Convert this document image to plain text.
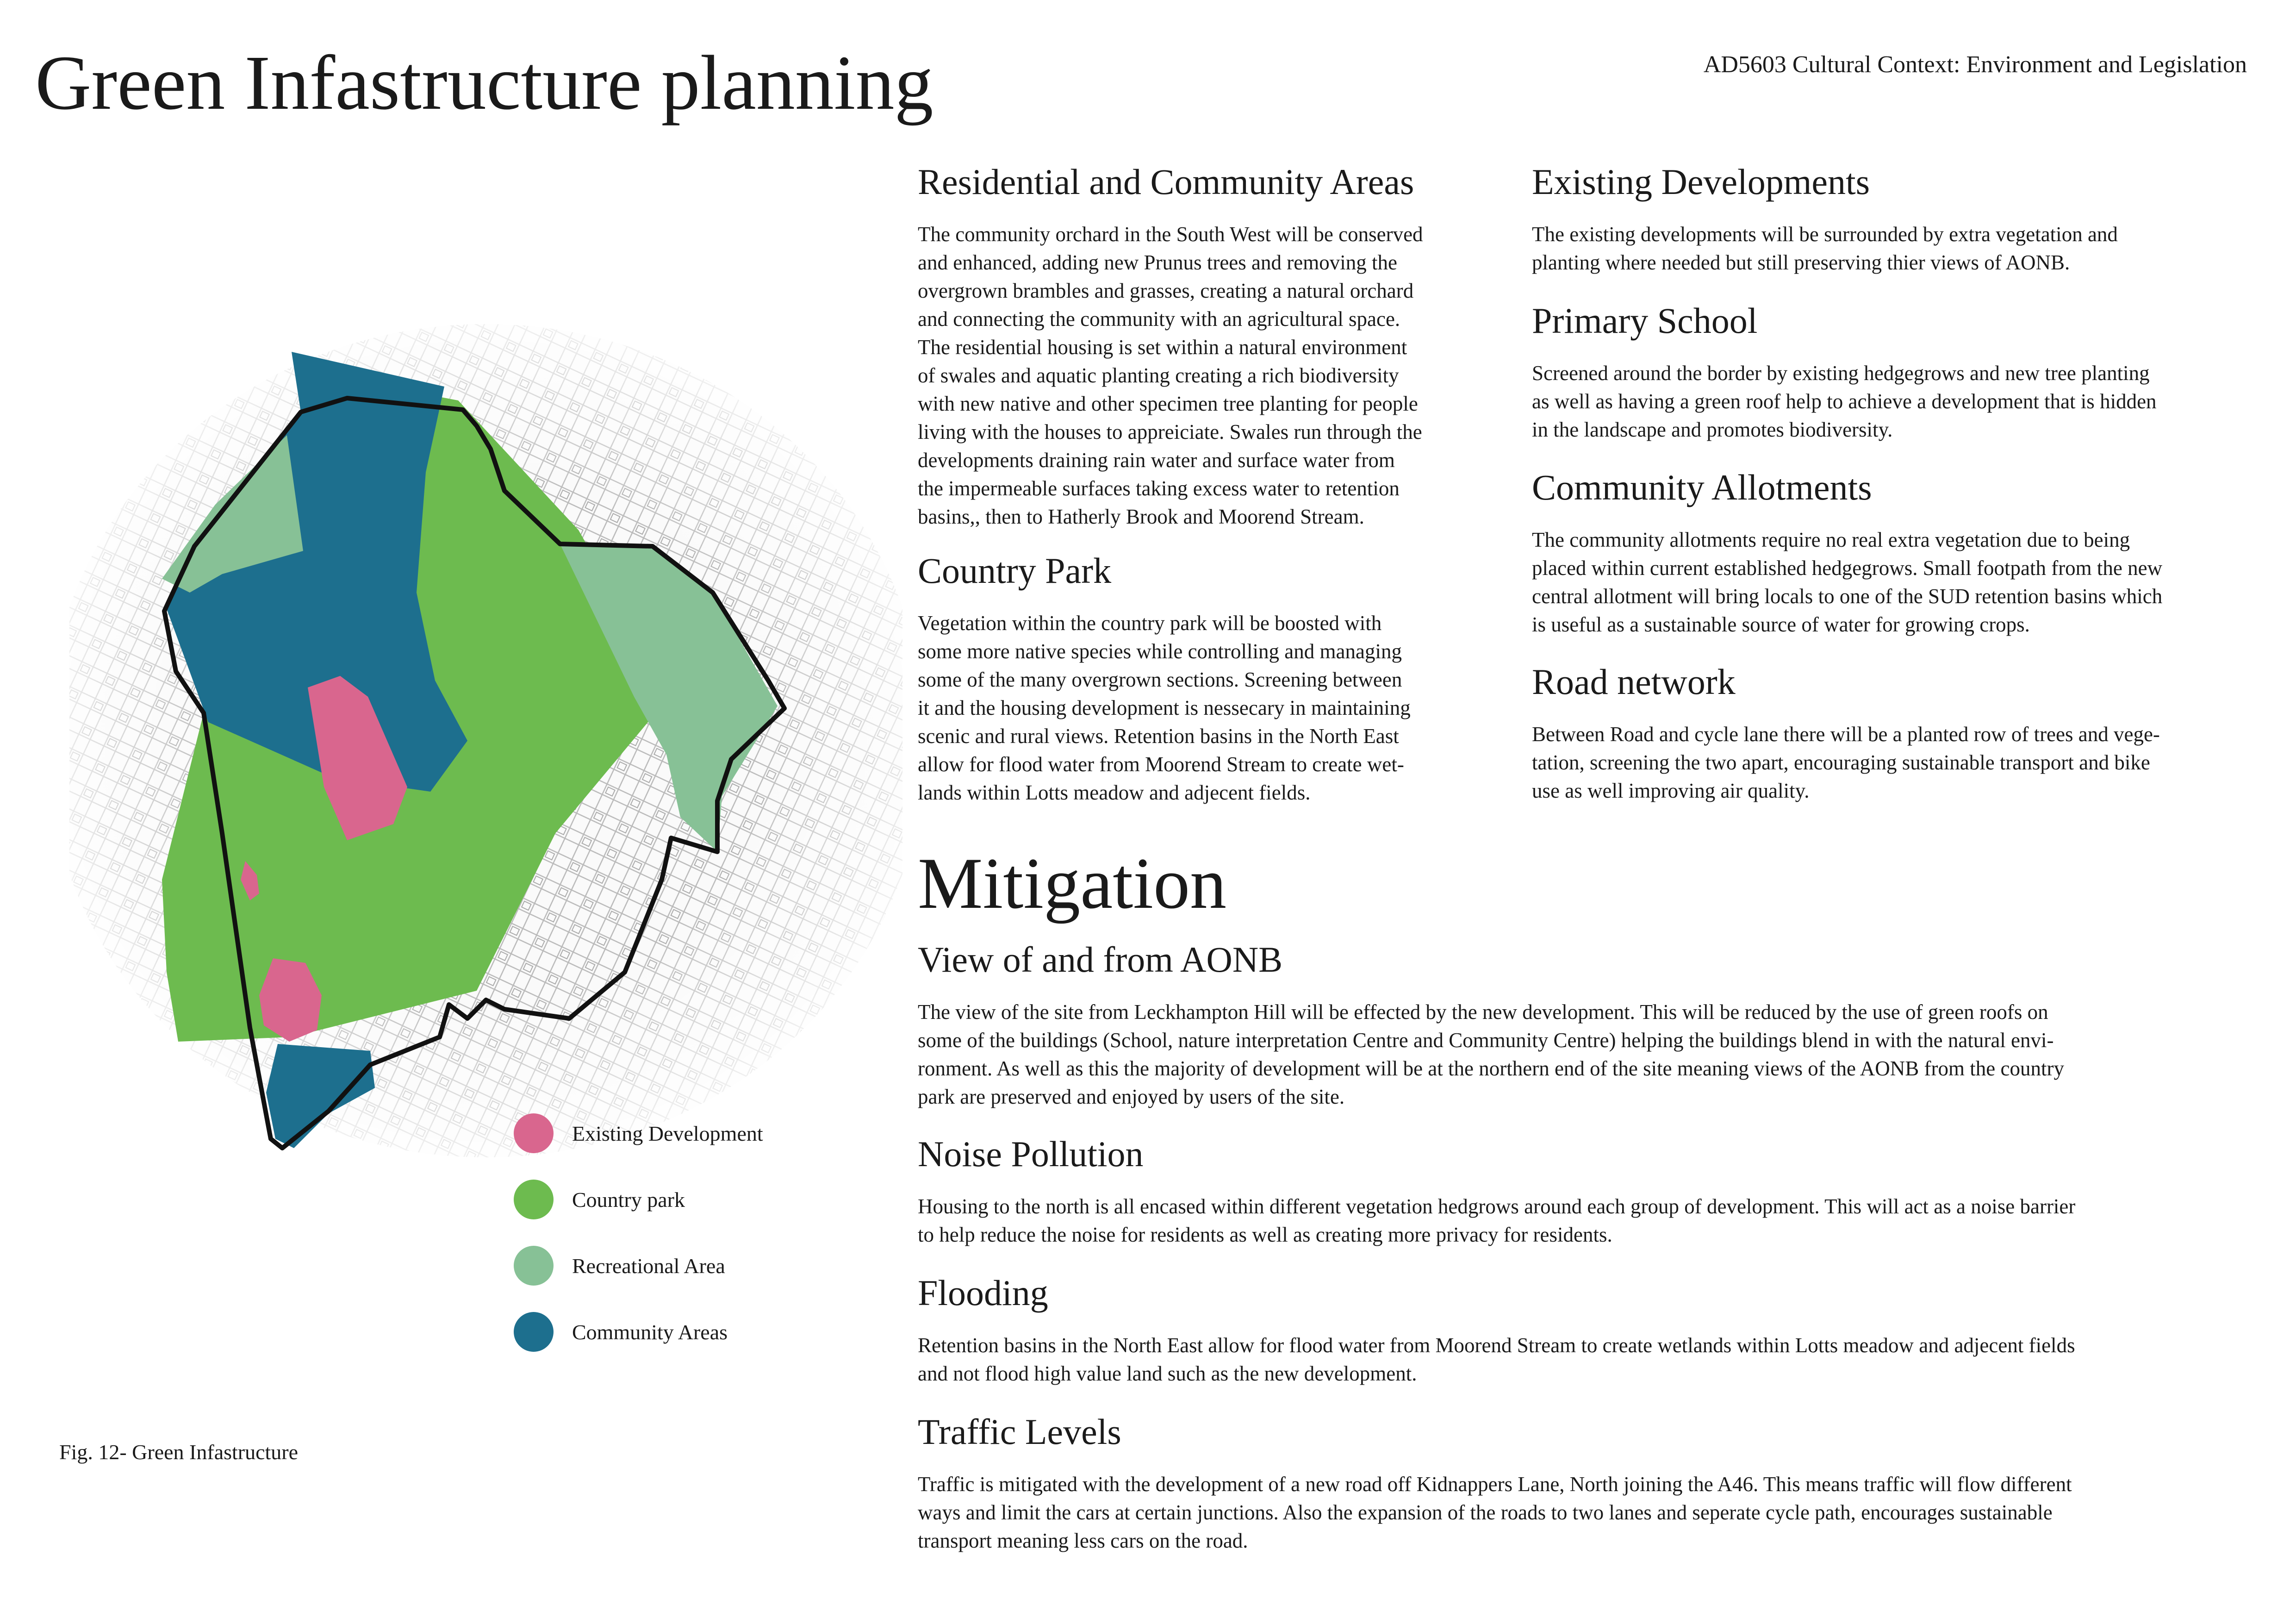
Green Infastructure planning	AD5603 Cultural Context: Environment and Legislation
Existing Development
Country park
Recreational Area
Community Areas
Fig. 12- Green Infastructure
Residential and Community Areas
The community orchard in the South West will be conserved
and enhanced, adding new Prunus trees and removing the
overgrown brambles and grasses, creating a natural orchard
and connecting the community with an agricultural space.
The residential housing is set within a natural environment
of swales and aquatic planting creating a rich biodiversity
with new native and other specimen tree planting for people
living with the houses to appreiciate. Swales run through the
developments draining rain water and surface water from
the impermeable surfaces taking excess water to retention
basins,, then to Hatherly Brook and Moorend Stream.
Country Park
Vegetation within the country park will be boosted with
some more native species while controlling and managing
some of the many overgrown sections. Screening between
it and the housing development is nessecary in maintaining
scenic and rural views. Retention basins in the North East
allow for flood water from Moorend Stream to create wet-
lands within Lotts meadow and adjecent fields.
Existing Developments
The existing developments will be surrounded by extra vegetation and
planting where needed but still preserving thier views of AONB.
Primary School
Screened around the border by existing hedgegrows and new tree planting
as well as having a green roof help to achieve a development that is hidden
in the landscape and promotes biodiversity.
Community Allotments
The community allotments require no real extra vegetation due to being
placed within current established hedgegrows. Small footpath from the new
central allotment will bring locals to one of the SUD retention basins which
is useful as a sustainable source of water for growing crops.
Road network
Between Road and cycle lane there will be a planted row of trees and vege-
tation, screening the two apart, encouraging sustainable transport and bike
use as well improving air quality.
Mitigation
View of and from AONB
The view of the site from Leckhampton Hill will be effected by the new development. This will be reduced by the use of green roofs on
some of the buildings (School, nature interpretation Centre and Community Centre) helping the buildings blend in with the natural envi-
ronment. As well as this the majority of development will be at the northern end of the site meaning views of the AONB from the country
park are preserved and enjoyed by users of the site.
Noise Pollution
Housing to the north is all encased within different vegetation hedgrows around each group of development. This will act as a noise barrier
to help reduce the noise for residents as well as creating more privacy for residents.
Flooding
Retention basins in the North East allow for flood water from Moorend Stream to create wetlands within Lotts meadow and adjecent fields
and not flood high value land such as the new development.
Traffic Levels
Traffic is mitigated with the development of a new road off Kidnappers Lane, North joining the A46. This means traffic will flow different
ways and limit the cars at certain junctions. Also the expansion of the roads to two lanes and seperate cycle path, encourages sustainable
transport meaning less cars on the road.
